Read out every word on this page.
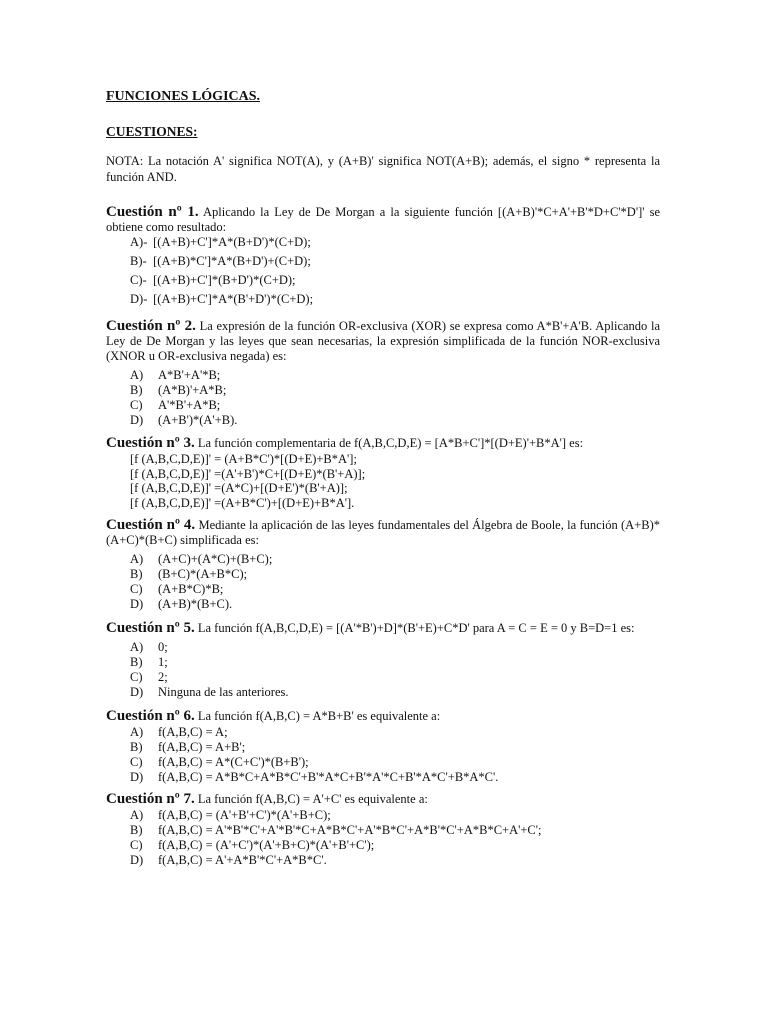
FUNCIONES LÓGICAS.
CUESTIONES:
NOTA: La notación A' significa NOT(A), y (A+B)' significa NOT(A+B); además, el signo * representa la función AND.
Cuestión nº 1. Aplicando la Ley de De Morgan a la siguiente función [(A+B)'*C+A'+B'*D+C'*D']' se obtiene como resultado:
A)- [(A+B)+C']*A*(B+D')*(C+D);
B)- [(A+B)*C']*A*(B+D')+(C+D);
C)- [(A+B)+C']*(B+D')*(C+D);
D)- [(A+B)+C']*A*(B'+D')*(C+D);
Cuestión nº 2. La expresión de la función OR-exclusiva (XOR) se expresa como A*B'+A'B. Aplicando la Ley de De Morgan y las leyes que sean necesarias, la expresión simplificada de la función NOR-exclusiva (XNOR u OR-exclusiva negada) es:
A) A*B'+A'*B;
B) (A*B)'+A*B;
C) A'*B'+A*B;
D) (A+B')*(A'+B).
Cuestión nº 3. La función complementaria de f(A,B,C,D,E) = [A*B+C']*[(D+E)'+B*A'] es:
[f (A,B,C,D,E)]' = (A+B*C')*[(D+E)+B*A'];
[f (A,B,C,D,E)]' =(A'+B')*C+[(D+E)*(B'+A)];
[f (A,B,C,D,E)]' =(A*C)+[(D+E')*(B'+A)];
[f (A,B,C,D,E)]' =(A+B*C')+[(D+E)+B*A'].
Cuestión nº 4. Mediante la aplicación de las leyes fundamentales del Álgebra de Boole, la función (A+B)*(A+C)*(B+C) simplificada es:
A) (A+C)+(A*C)+(B+C);
B) (B+C)*(A+B*C);
C) (A+B*C)*B;
D) (A+B)*(B+C).
Cuestión nº 5. La función f(A,B,C,D,E) = [(A'*B')+D]*(B'+E)+C*D' para A = C = E = 0 y B=D=1 es:
A) 0;
B) 1;
C) 2;
D) Ninguna de las anteriores.
Cuestión nº 6. La función f(A,B,C) = A*B+B' es equivalente a:
A) f(A,B,C) = A;
B) f(A,B,C) = A+B';
C) f(A,B,C) = A*(C+C')*(B+B');
D) f(A,B,C) = A*B*C+A*B*C'+B'*A*C+B'*A'*C+B'*A*C'+B*A*C'.
Cuestión nº 7. La función f(A,B,C) = A'+C' es equivalente a:
A) f(A,B,C) = (A'+B'+C')*(A'+B+C);
B) f(A,B,C) = A'*B'*C'+A'*B'*C+A*B*C'+A'*B*C'+A*B'*C'+A*B*C+A'+C';
C) f(A,B,C) = (A'+C')*(A'+B+C)*(A'+B'+C');
D) f(A,B,C) = A'+A*B'*C'+A*B*C'.
